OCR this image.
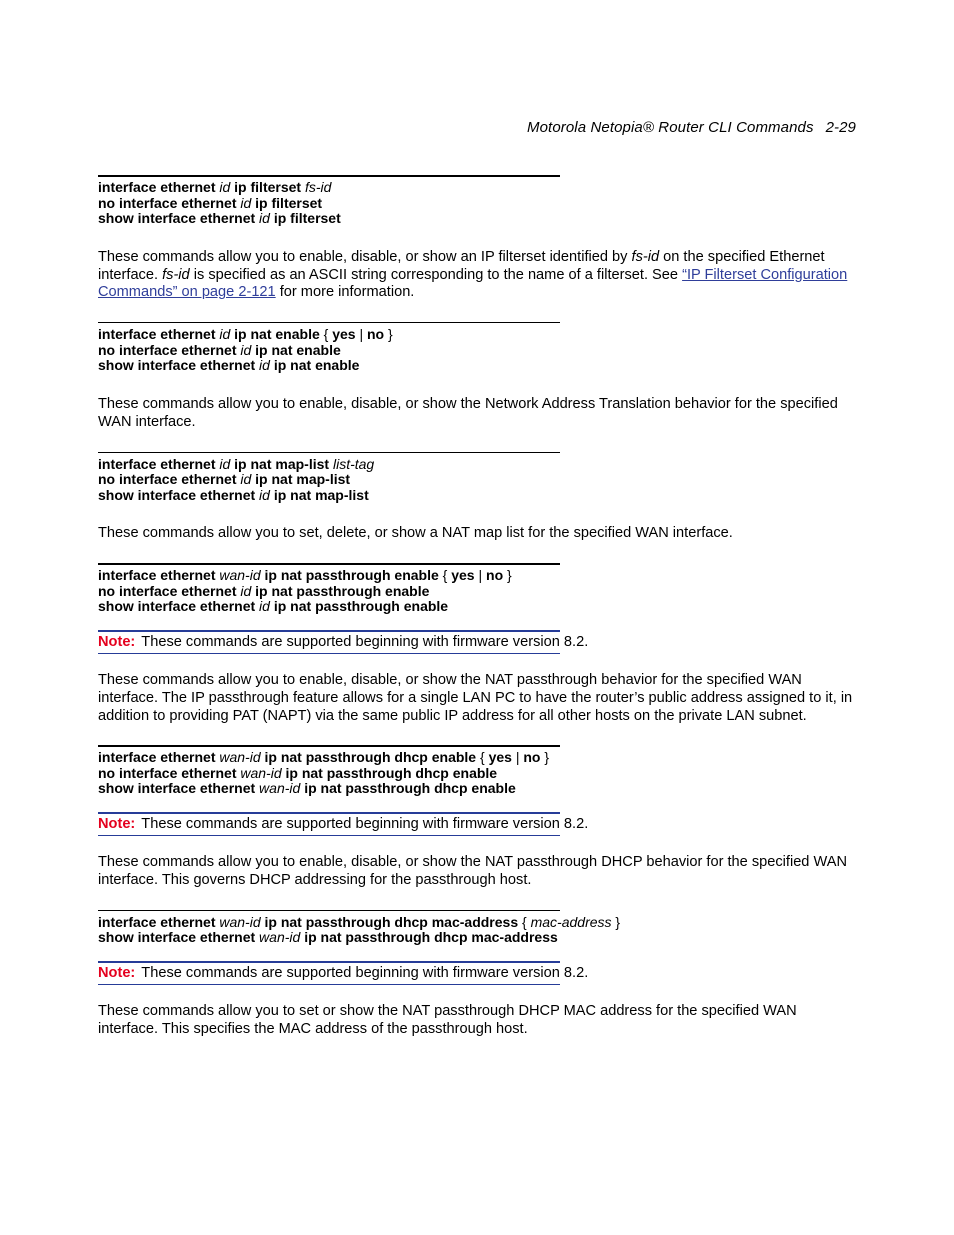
Motorola Netopia® Router CLI Commands 2-29
interface ethernet id ip filterset fs-id
no interface ethernet id ip filterset
show interface ethernet id ip filterset

These commands allow you to enable, disable, or show an IP filterset identified by fs-id on the specified Ethernet interface. fs-id is specified as an ASCII string corresponding to the name of a filterset. See “IP Filterset Configuration Commands” on page 2-121 for more information.

interface ethernet id ip nat enable { yes | no }
no interface ethernet id ip nat enable
show interface ethernet id ip nat enable

These commands allow you to enable, disable, or show the Network Address Translation behavior for the specified WAN interface.

interface ethernet id ip nat map-list list-tag
no interface ethernet id ip nat map-list
show interface ethernet id ip nat map-list

These commands allow you to set, delete, or show a NAT map list for the specified WAN interface.

interface ethernet wan-id ip nat passthrough enable { yes | no }
no interface ethernet id ip nat passthrough enable
show interface ethernet id ip nat passthrough enable
Note: These commands are supported beginning with firmware version 8.2.

These commands allow you to enable, disable, or show the NAT passthrough behavior for the specified WAN interface. The IP passthrough feature allows for a single LAN PC to have the router’s public address assigned to it, in addition to providing PAT (NAPT) via the same public IP address for all other hosts on the private LAN subnet.

interface ethernet wan-id ip nat passthrough dhcp enable { yes | no }
no interface ethernet wan-id ip nat passthrough dhcp enable
show interface ethernet wan-id ip nat passthrough dhcp enable
Note: These commands are supported beginning with firmware version 8.2.

These commands allow you to enable, disable, or show the NAT passthrough DHCP behavior for the specified WAN interface. This governs DHCP addressing for the passthrough host.

interface ethernet wan-id ip nat passthrough dhcp mac-address { mac-address }
show interface ethernet wan-id ip nat passthrough dhcp mac-address
Note: These commands are supported beginning with firmware version 8.2.

These commands allow you to set or show the NAT passthrough DHCP MAC address for the specified WAN interface. This specifies the MAC address of the passthrough host.
